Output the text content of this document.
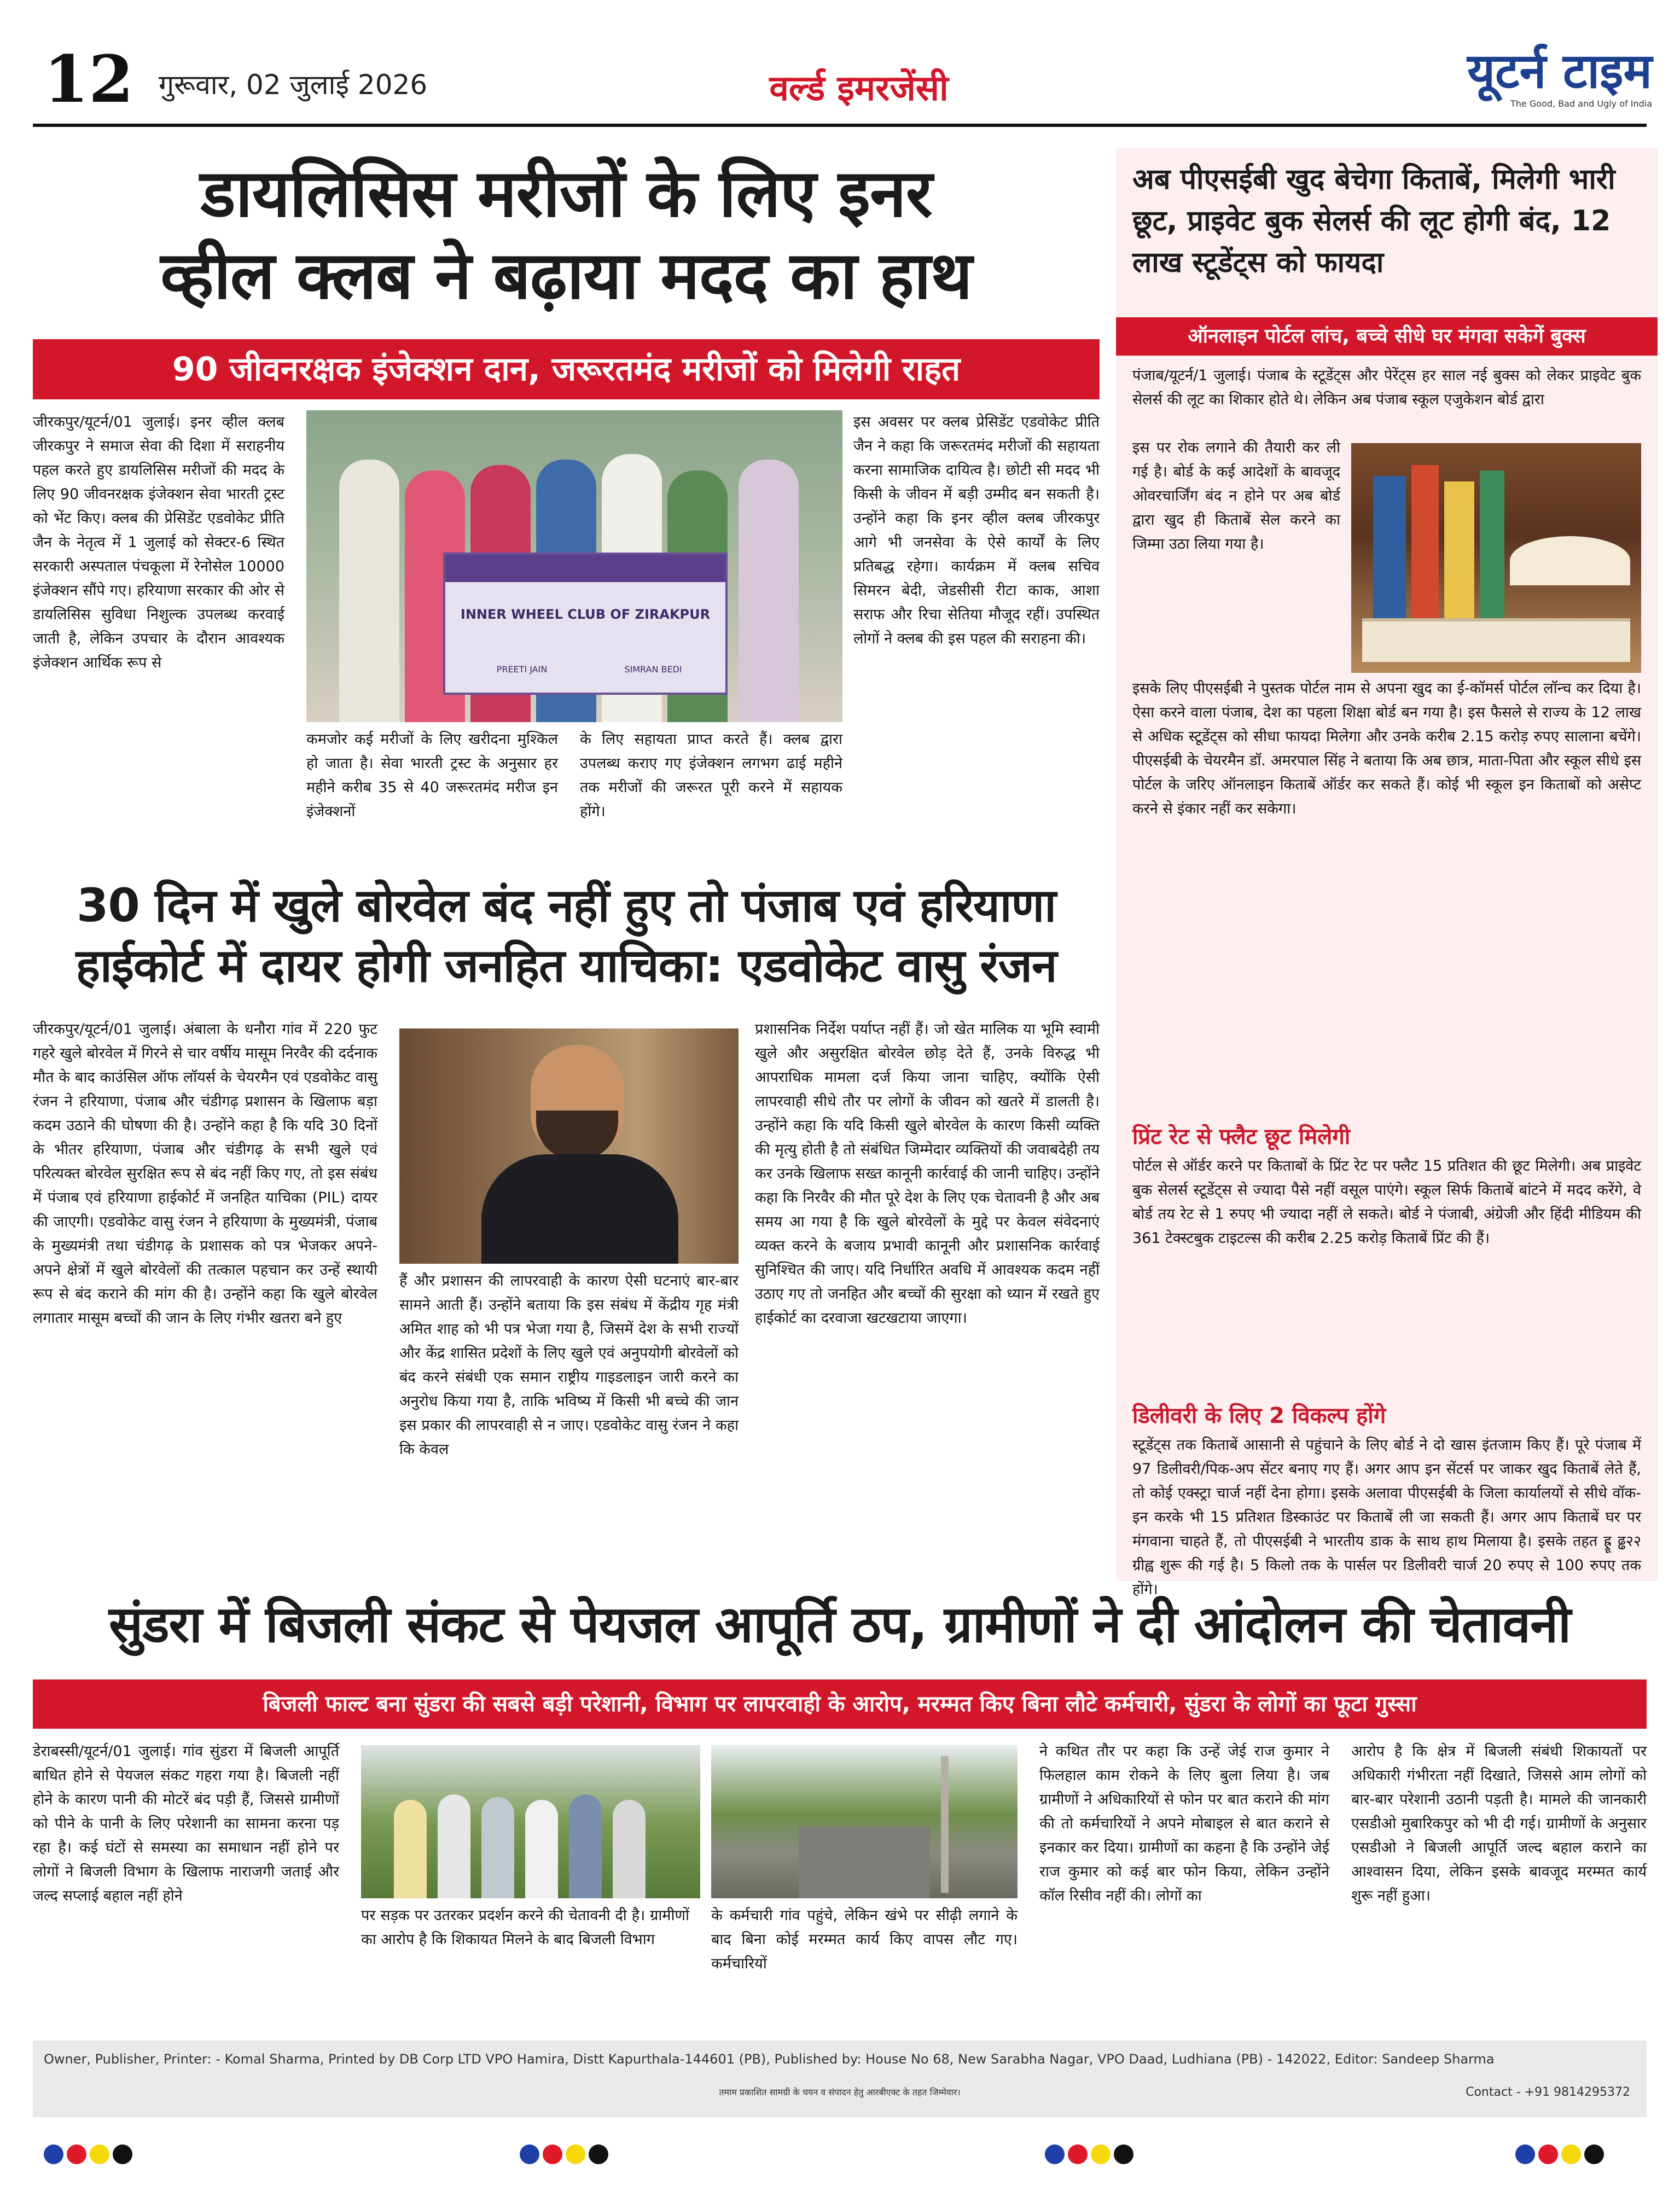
12 गुरूवार, 02 जुलाई 2026	वर्ल्ड इमरजेंसी	यूटर्न टाइम
The Good, Bad and Ugly of India
डायलिसिस मरीजों के लिए इनर
व्हील क्लब ने बढ़ाया मदद का हाथ
90 जीवनरक्षक इंजेक्शन दान, जरूरतमंद मरीजों को मिलेगी राहत
जीरकपुर/यूटर्न/01 जुलाई। इनर व्हील क्लब जीरकपुर ने समाज सेवा की दिशा में सराहनीय पहल करते हुए डायलिसिस मरीजों की मदद के लिए 90 जीवनरक्षक इंजेक्शन सेवा भारती ट्रस्ट को भेंट किए। क्लब की प्रेसिडेंट एडवोकेट प्रीति जैन के नेतृत्व में 1 जुलाई को सेक्टर-6 स्थित सरकारी अस्पताल पंचकूला में रेनोसेल 10000 इंजेक्शन सौंपे गए। हरियाणा सरकार की ओर से डायलिसिस सुविधा निशुल्क उपलब्ध करवाई जाती है, लेकिन उपचार के दौरान आवश्यक इंजेक्शन आर्थिक रूप से
INNER WHEEL CLUB OF ZIRAKPUR
PREETI JAIN	SIMRAN BEDI
कमजोर कई मरीजों के लिए खरीदना मुश्किल हो जाता है। सेवा भारती ट्रस्ट के अनुसार हर महीने करीब 35 से 40 जरूरतमंद मरीज इन इंजेक्शनों
के लिए सहायता प्राप्त करते हैं। क्लब द्वारा उपलब्ध कराए गए इंजेक्शन लगभग ढाई महीने तक मरीजों की जरूरत पूरी करने में सहायक होंगे।
इस अवसर पर क्लब प्रेसिडेंट एडवोकेट प्रीति जैन ने कहा कि जरूरतमंद मरीजों की सहायता करना सामाजिक दायित्व है। छोटी सी मदद भी किसी के जीवन में बड़ी उम्मीद बन सकती है। उन्होंने कहा कि इनर व्हील क्लब जीरकपुर आगे भी जनसेवा के ऐसे कार्यों के लिए प्रतिबद्ध रहेगा। कार्यक्रम में क्लब सचिव सिमरन बेदी, जेडसीसी रीटा काक, आशा सराफ और रिचा सेतिया मौजूद रहीं। उपस्थित लोगों ने क्लब की इस पहल की सराहना की।
30 दिन में खुले बोरवेल बंद नहीं हुए तो पंजाब एवं हरियाणा
हाईकोर्ट में दायर होगी जनहित याचिका: एडवोकेट वासु रंजन
जीरकपुर/यूटर्न/01 जुलाई। अंबाला के धनौरा गांव में 220 फुट गहरे खुले बोरवेल में गिरने से चार वर्षीय मासूम निरवैर की दर्दनाक मौत के बाद काउंसिल ऑफ लॉयर्स के चेयरमैन एवं एडवोकेट वासु रंजन ने हरियाणा, पंजाब और चंडीगढ़ प्रशासन के खिलाफ बड़ा कदम उठाने की घोषणा की है। उन्होंने कहा है कि यदि 30 दिनों के भीतर हरियाणा, पंजाब और चंडीगढ़ के सभी खुले एवं परित्यक्त बोरवेल सुरक्षित रूप से बंद नहीं किए गए, तो इस संबंध में पंजाब एवं हरियाणा हाईकोर्ट में जनहित याचिका (PIL) दायर की जाएगी। एडवोकेट वासु रंजन ने हरियाणा के मुख्यमंत्री, पंजाब के मुख्यमंत्री तथा चंडीगढ़ के प्रशासक को पत्र भेजकर अपने-अपने क्षेत्रों में खुले बोरवेलों की तत्काल पहचान कर उन्हें स्थायी रूप से बंद कराने की मांग की है। उन्होंने कहा कि खुले बोरवेल लगातार मासूम बच्चों की जान के लिए गंभीर खतरा बने हुए
हैं और प्रशासन की लापरवाही के कारण ऐसी घटनाएं बार-बार सामने आती हैं। उन्होंने बताया कि इस संबंध में केंद्रीय गृह मंत्री अमित शाह को भी पत्र भेजा गया है, जिसमें देश के सभी राज्यों और केंद्र शासित प्रदेशों के लिए खुले एवं अनुपयोगी बोरवेलों को बंद करने संबंधी एक समान राष्ट्रीय गाइडलाइन जारी करने का अनुरोध किया गया है, ताकि भविष्य में किसी भी बच्चे की जान इस प्रकार की लापरवाही से न जाए। एडवोकेट वासु रंजन ने कहा कि केवल
प्रशासनिक निर्देश पर्याप्त नहीं हैं। जो खेत मालिक या भूमि स्वामी खुले और असुरक्षित बोरवेल छोड़ देते हैं, उनके विरुद्ध भी आपराधिक मामला दर्ज किया जाना चाहिए, क्योंकि ऐसी लापरवाही सीधे तौर पर लोगों के जीवन को खतरे में डालती है। उन्होंने कहा कि यदि किसी खुले बोरवेल के कारण किसी व्यक्ति की मृत्यु होती है तो संबंधित जिम्मेदार व्यक्तियों की जवाबदेही तय कर उनके खिलाफ सख्त कानूनी कार्रवाई की जानी चाहिए। उन्होंने कहा कि निरवैर की मौत पूरे देश के लिए एक चेतावनी है और अब समय आ गया है कि खुले बोरवेलों के मुद्दे पर केवल संवेदनाएं व्यक्त करने के बजाय प्रभावी कानूनी और प्रशासनिक कार्रवाई सुनिश्चित की जाए। यदि निर्धारित अवधि में आवश्यक कदम नहीं उठाए गए तो जनहित और बच्चों की सुरक्षा को ध्यान में रखते हुए हाईकोर्ट का दरवाजा खटखटाया जाएगा।
अब पीएसईबी खुद बेचेगा किताबें, मिलेगी भारी छूट, प्राइवेट बुक सेलर्स की लूट होगी बंद, 12 लाख स्टूडेंट्स को फायदा
ऑनलाइन पोर्टल लांच, बच्चे सीधे घर मंगवा सकेगें बुक्स
पंजाब/यूटर्न/1 जुलाई। पंजाब के स्टूडेंट्स और पेरेंट्स हर साल नई बुक्स को लेकर प्राइवेट बुक सेलर्स की लूट का शिकार होते थे। लेकिन अब पंजाब स्कूल एजुकेशन बोर्ड द्वारा
इस पर रोक लगाने की तैयारी कर ली गई है। बोर्ड के कई आदेशों के बावजूद ओवरचार्जिंग बंद न होने पर अब बोर्ड द्वारा खुद ही किताबें सेल करने का जिम्मा उठा लिया गया है।
इसके लिए पीएसईबी ने पुस्तक पोर्टल नाम से अपना खुद का ई-कॉमर्स पोर्टल लॉन्च कर दिया है। ऐसा करने वाला पंजाब, देश का पहला शिक्षा बोर्ड बन गया है। इस फैसले से राज्य के 12 लाख से अधिक स्टूडेंट्स को सीधा फायदा मिलेगा और उनके करीब 2.15 करोड़ रुपए सालाना बचेंगे। पीएसईबी के चेयरमैन डॉ. अमरपाल सिंह ने बताया कि अब छात्र, माता-पिता और स्कूल सीधे इस पोर्टल के जरिए ऑनलाइन किताबें ऑर्डर कर सकते हैं। कोई भी स्कूल इन किताबों को असेप्ट करने से इंकार नहीं कर सकेगा।
प्रिंट रेट से फ्लैट छूट मिलेगी
पोर्टल से ऑर्डर करने पर किताबों के प्रिंट रेट पर फ्लैट 15 प्रतिशत की छूट मिलेगी। अब प्राइवेट बुक सेलर्स स्टूडेंट्स से ज्यादा पैसे नहीं वसूल पाएंगे। स्कूल सिर्फ किताबें बांटने में मदद करेंगे, वे बोर्ड तय रेट से 1 रुपए भी ज्यादा नहीं ले सकते। बोर्ड ने पंजाबी, अंग्रेजी और हिंदी मीडियम की 361 टेक्स्टबुक टाइटल्स की करीब 2.25 करोड़ किताबें प्रिंट की हैं।
डिलीवरी के लिए 2 विकल्प होंगे
स्टूडेंट्स तक किताबें आसानी से पहुंचाने के लिए बोर्ड ने दो खास इंतजाम किए हैं। पूरे पंजाब में 97 डिलीवरी/पिक-अप सेंटर बनाए गए हैं। अगर आप इन सेंटर्स पर जाकर खुद किताबें लेते हैं, तो कोई एक्स्ट्रा चार्ज नहीं देना होगा। इसके अलावा पीएसईबी के जिला कार्यालयों से सीधे वॉक-इन करके भी 15 प्रतिशत डिस्काउंट पर किताबें ली जा सकती हैं। अगर आप किताबें घर पर मंगवाना चाहते हैं, तो पीएसईबी ने भारतीय डाक के साथ हाथ मिलाया है। इसके तहत ह्र्रू ढ्ढ२२ ग्रीह्व शुरू की गई है। 5 किलो तक के पार्सल पर डिलीवरी चार्ज 20 रुपए से 100 रुपए तक होंगे।
सुंडरा में बिजली संकट से पेयजल आपूर्ति ठप, ग्रामीणों ने दी आंदोलन की चेतावनी
बिजली फाल्ट बना सुंडरा की सबसे बड़ी परेशानी, विभाग पर लापरवाही के आरोप, मरम्मत किए बिना लौटे कर्मचारी, सुंडरा के लोगों का फूटा गुस्सा
डेराबस्सी/यूटर्न/01 जुलाई। गांव सुंडरा में बिजली आपूर्ति बाधित होने से पेयजल संकट गहरा गया है। बिजली नहीं होने के कारण पानी की मोटरें बंद पड़ी हैं, जिससे ग्रामीणों को पीने के पानी के लिए परेशानी का सामना करना पड़ रहा है। कई घंटों से समस्या का समाधान नहीं होने पर लोगों ने बिजली विभाग के खिलाफ नाराजगी जताई और जल्द सप्लाई बहाल नहीं होने
पर सड़क पर उतरकर प्रदर्शन करने की चेतावनी दी है। ग्रामीणों का आरोप है कि शिकायत मिलने के बाद बिजली विभाग
के कर्मचारी गांव पहुंचे, लेकिन खंभे पर सीढ़ी लगाने के बाद बिना कोई मरम्मत कार्य किए वापस लौट गए। कर्मचारियों
ने कथित तौर पर कहा कि उन्हें जेई राज कुमार ने फिलहाल काम रोकने के लिए बुला लिया है। जब ग्रामीणों ने अधिकारियों से फोन पर बात कराने की मांग की तो कर्मचारियों ने अपने मोबाइल से बात कराने से इनकार कर दिया। ग्रामीणों का कहना है कि उन्होंने जेई राज कुमार को कई बार फोन किया, लेकिन उन्होंने कॉल रिसीव नहीं की। लोगों का
आरोप है कि क्षेत्र में बिजली संबंधी शिकायतों पर अधिकारी गंभीरता नहीं दिखाते, जिससे आम लोगों को बार-बार परेशानी उठानी पड़ती है। मामले की जानकारी एसडीओ मुबारिकपुर को भी दी गई। ग्रामीणों के अनुसार एसडीओ ने बिजली आपूर्ति जल्द बहाल कराने का आश्वासन दिया, लेकिन इसके बावजूद मरम्मत कार्य शुरू नहीं हुआ।
Owner, Publisher, Printer: - Komal Sharma, Printed by DB Corp LTD VPO Hamira, Distt Kapurthala-144601 (PB), Published by: House No 68, New Sarabha Nagar, VPO Daad, Ludhiana (PB) - 142022, Editor: Sandeep Sharma
तमाम प्रकाशित सामग्री के चयन व संपादन हेतु आरबीएक्ट के तहत जिम्मेवार।	Contact - +91 9814295372
